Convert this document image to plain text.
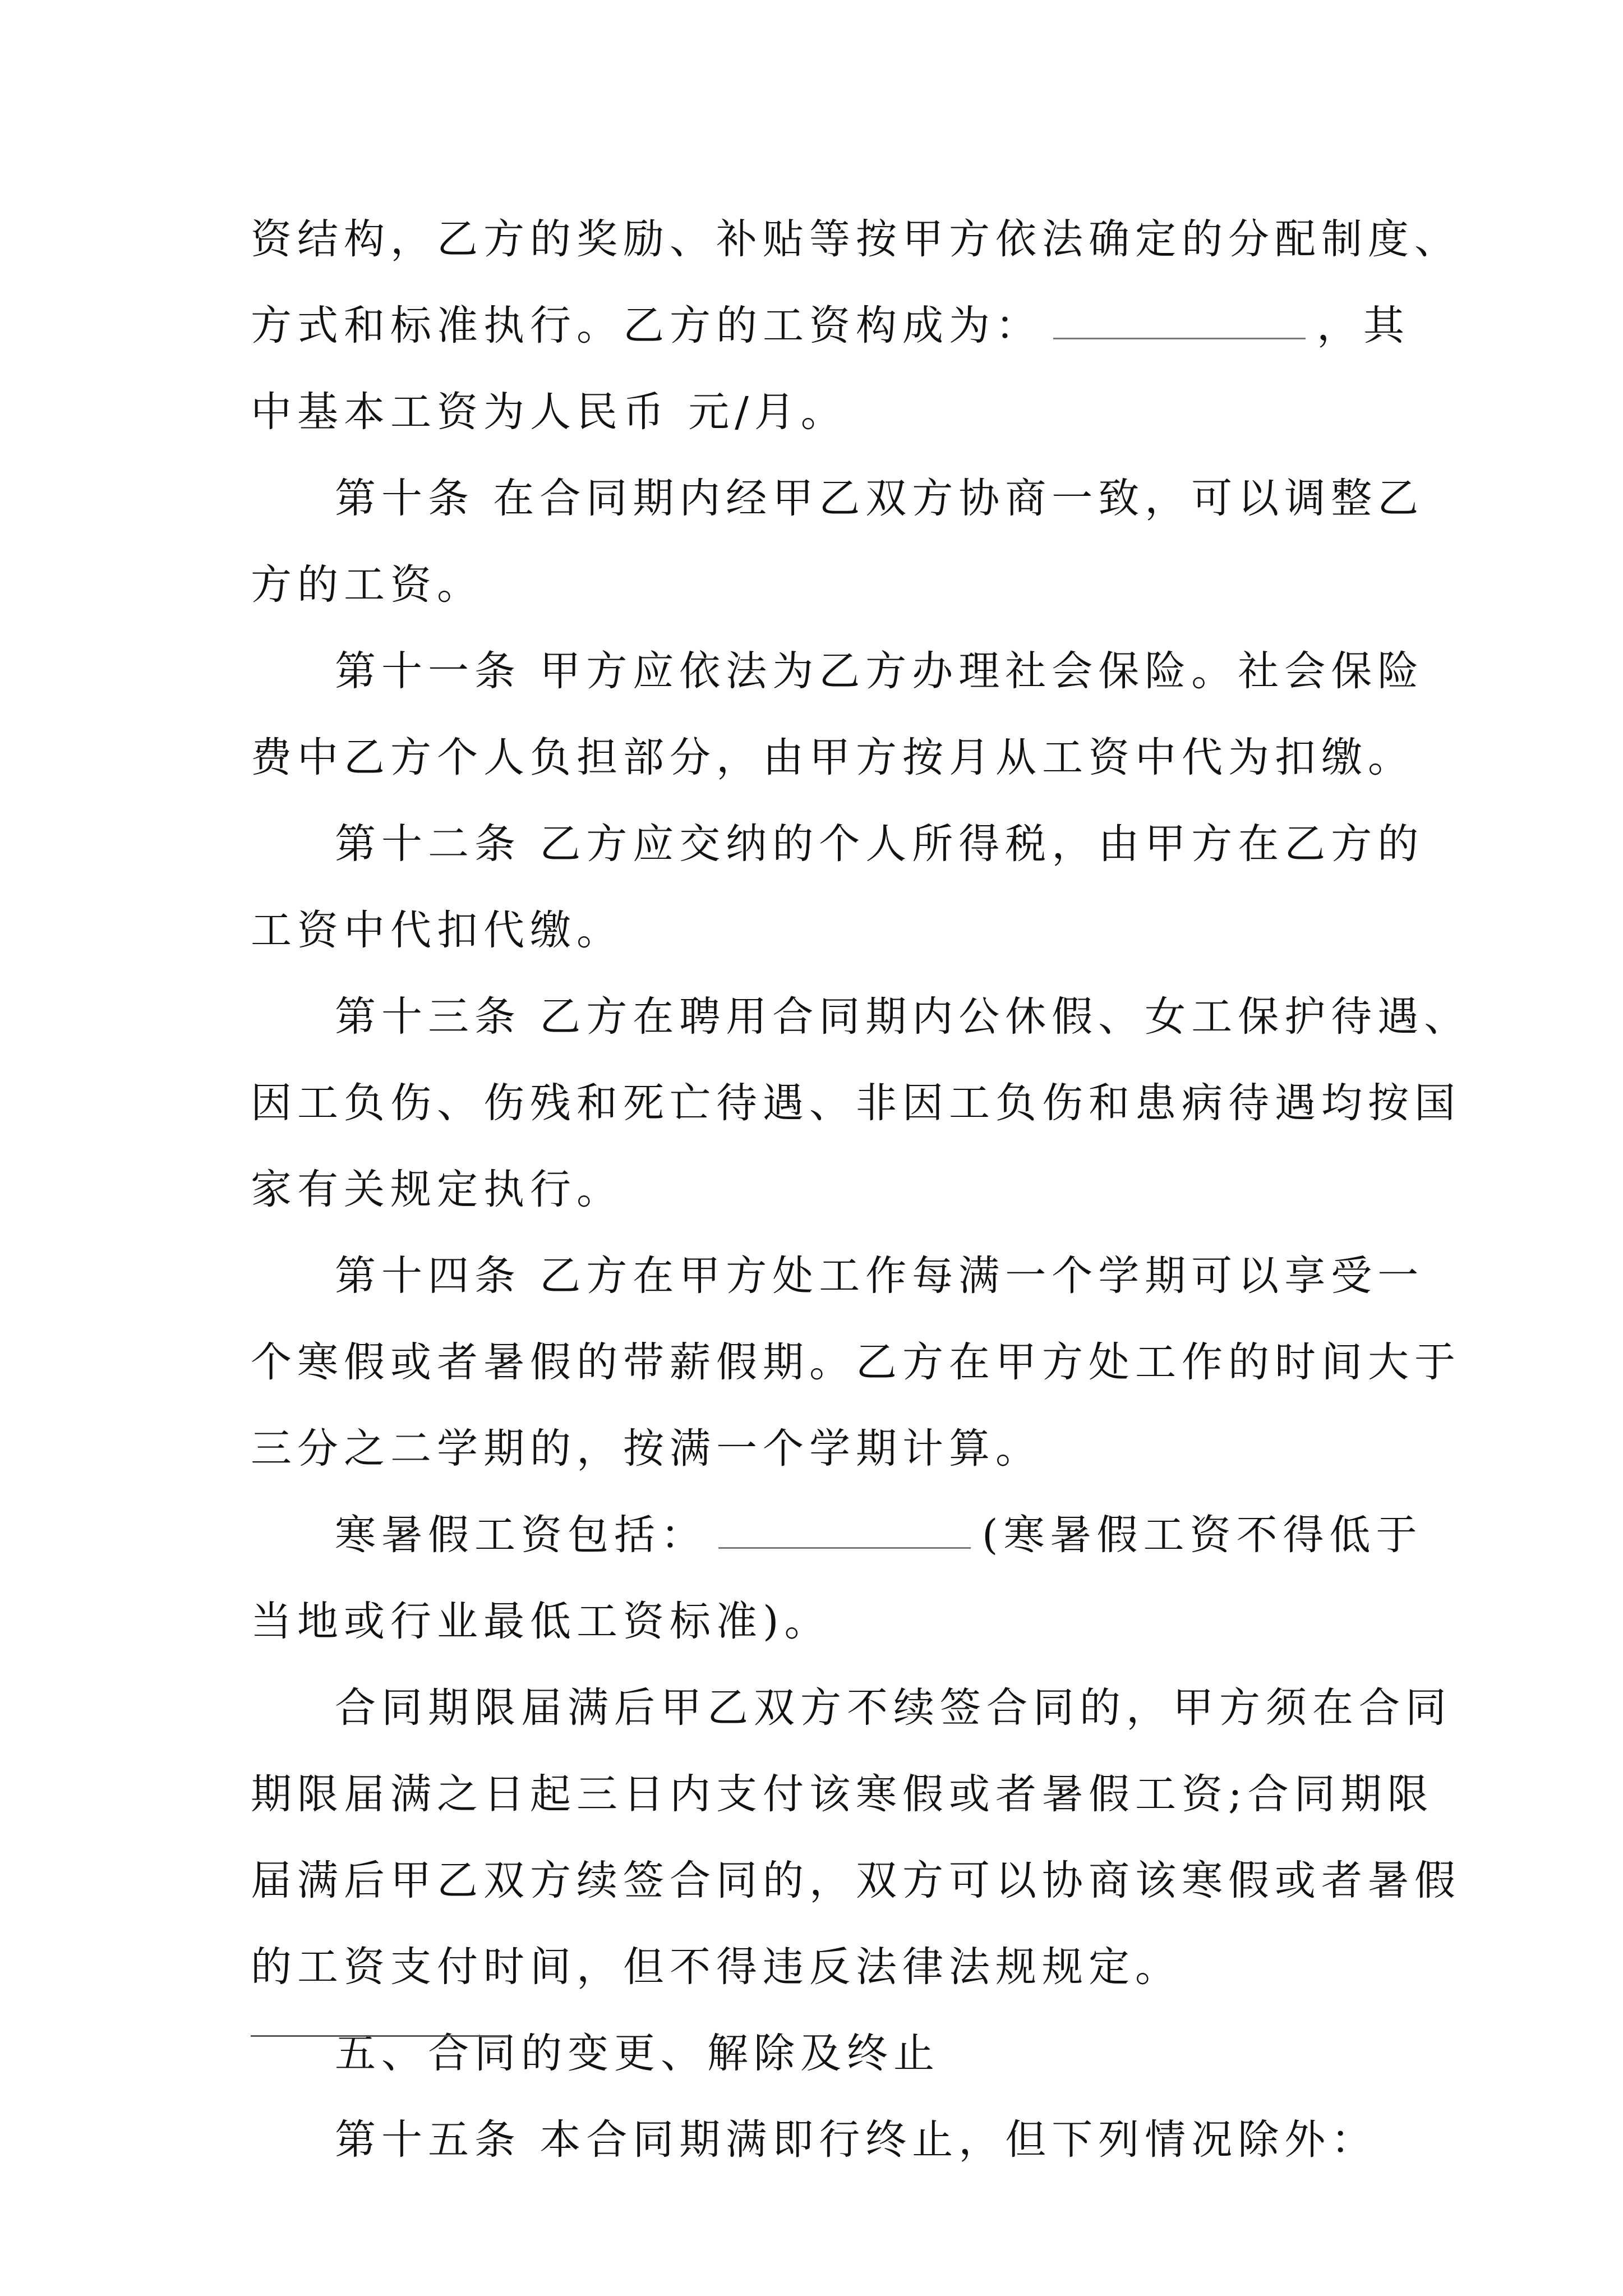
资结构，乙方的奖励、补贴等按甲方依法确定的分配制度、
方式和标准执行。乙方的工资构成为：	，其
中基本工资为人民币 元/月。
第十条 在合同期内经甲乙双方协商一致，可以调整乙
方的工资。
第十一条 甲方应依法为乙方办理社会保险。社会保险
费中乙方个人负担部分，由甲方按月从工资中代为扣缴。
第十二条 乙方应交纳的个人所得税，由甲方在乙方的
工资中代扣代缴。
第十三条 乙方在聘用合同期内公休假、女工保护待遇、
因工负伤、伤残和死亡待遇、非因工负伤和患病待遇均按国
家有关规定执行。
第十四条 乙方在甲方处工作每满一个学期可以享受一
个寒假或者暑假的带薪假期。乙方在甲方处工作的时间大于
三分之二学期的，按满一个学期计算。
寒暑假工资包括：	(寒暑假工资不得低于
当地或行业最低工资标准)。
合同期限届满后甲乙双方不续签合同的，甲方须在合同
期限届满之日起三日内支付该寒假或者暑假工资;合同期限
届满后甲乙双方续签合同的，双方可以协商该寒假或者暑假
的工资支付时间，但不得违反法律法规规定。
五、合同的变更、解除及终止
第十五条 本合同期满即行终止，但下列情况除外：
